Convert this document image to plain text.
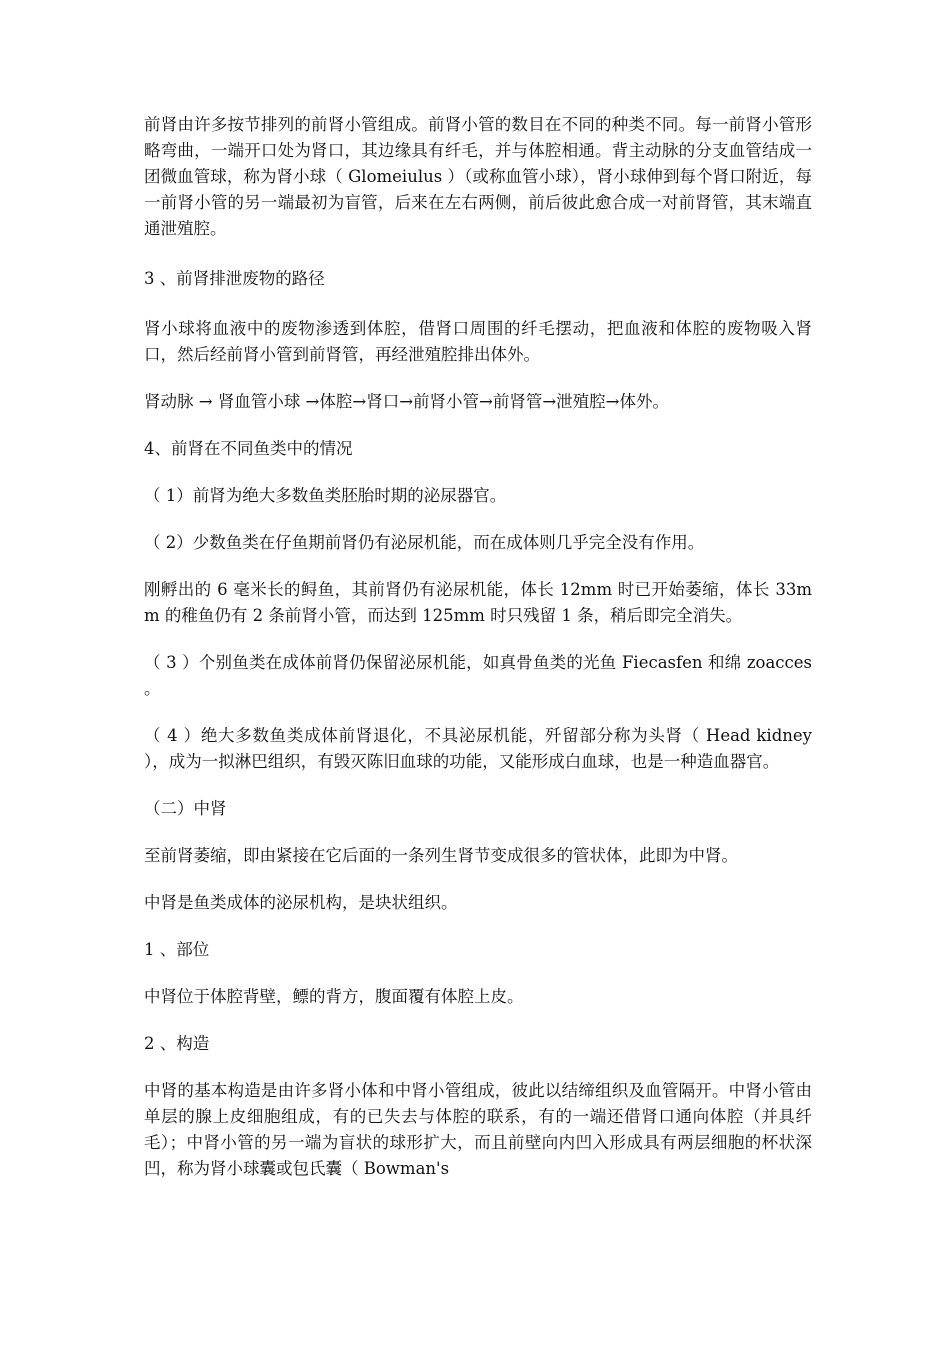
前肾由许多按节排列的前肾小管组成。前肾小管的数目在不同的种类不同。每一前肾小管形略弯曲，一端开口处为肾口，其边缘具有纤毛，并与体腔相通。背主动脉的分支血管结成一团微血管球，称为肾小球（ Glomeiulus ）（或称血管小球），肾小球伸到每个肾口附近，每一前肾小管的另一端最初为盲管，后来在左右两侧，前后彼此愈合成一对前肾管，其末端直通泄殖腔。

3 、前肾排泄废物的路径

肾小球将血液中的废物渗透到体腔，借肾口周围的纤毛摆动，把血液和体腔的废物吸入肾口，然后经前肾小管到前肾管，再经泄殖腔排出体外。

肾动脉 → 肾血管小球 →体腔→肾口→前肾小管→前肾管→泄殖腔→体外。

4、前肾在不同鱼类中的情况

（ 1）前肾为绝大多数鱼类胚胎时期的泌尿器官。

（ 2）少数鱼类在仔鱼期前肾仍有泌尿机能，而在成体则几乎完全没有作用。

刚孵出的 6 毫米长的鲟鱼，其前肾仍有泌尿机能，体长 12mm 时已开始萎缩，体长 33mm 的稚鱼仍有 2 条前肾小管，而达到 125mm 时只残留 1 条，稍后即完全消失。

（ 3 ）个别鱼类在成体前肾仍保留泌尿机能，如真骨鱼类的光鱼 Fiecasfen 和绵 zoacces 。

（ 4 ）绝大多数鱼类成体前肾退化，不具泌尿机能，歼留部分称为头肾（ Head kidney ），成为一拟淋巴组织，有毁灭陈旧血球的功能，又能形成白血球，也是一种造血器官。

（二）中肾

至前肾萎缩，即由紧接在它后面的一条列生肾节变成很多的管状体，此即为中肾。

中肾是鱼类成体的泌尿机构，是块状组织。

1 、部位

中肾位于体腔背壁，鳔的背方，腹面覆有体腔上皮。

2 、构造

中肾的基本构造是由许多肾小体和中肾小管组成，彼此以结缔组织及血管隔开。中肾小管由单层的腺上皮细胞组成，有的已失去与体腔的联系，有的一端还借肾口通向体腔（并具纤毛）；中肾小管的另一端为盲状的球形扩大，而且前壁向内凹入形成具有两层细胞的杯状深凹，称为肾小球囊或包氏囊（ Bowman's
